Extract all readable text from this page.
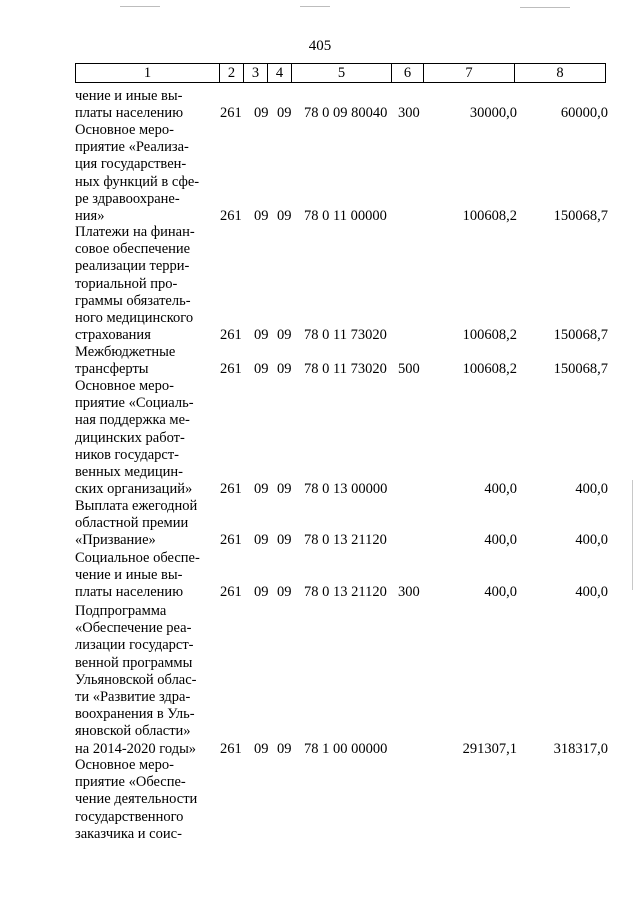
405
1	2	3	4	5	6	7	8
чение и иные вы-
платы населению	261 09 09 78 0 09 80040 300	30000,0	60000,0
Основное меро-
приятие «Реализа-
ция государствен-
ных функций в сфе-
ре здравоохране-
ния»	261 09 09 78 0 11 00000	100608,2	150068,7
Платежи на финан-
совое обеспечение
реализации терри-
ториальной про-
граммы обязатель-
ного медицинского
страхования	261 09 09 78 0 11 73020	100608,2	150068,7
Межбюджетные
трансферты	261 09 09 78 0 11 73020 500	100608,2	150068,7
Основное меро-
приятие «Социаль-
ная поддержка ме-
дицинских работ-
ников государст-
венных медицин-
ских организаций»	261 09 09 78 0 13 00000	400,0	400,0
Выплата ежегодной
областной премии
«Призвание»	261 09 09 78 0 13 21120	400,0	400,0
Социальное обеспе-
чение и иные вы-
платы населению	261 09 09 78 0 13 21120 300	400,0	400,0
Подпрограмма
«Обеспечение реа-
лизации государст-
венной программы
Ульяновской облас-
ти «Развитие здра-
воохранения в Уль-
яновской области»
на 2014-2020 годы»	261 09 09 78 1 00 00000	291307,1	318317,0
Основное меро-
приятие «Обеспе-
чение деятельности
государственного
заказчика и соис-
